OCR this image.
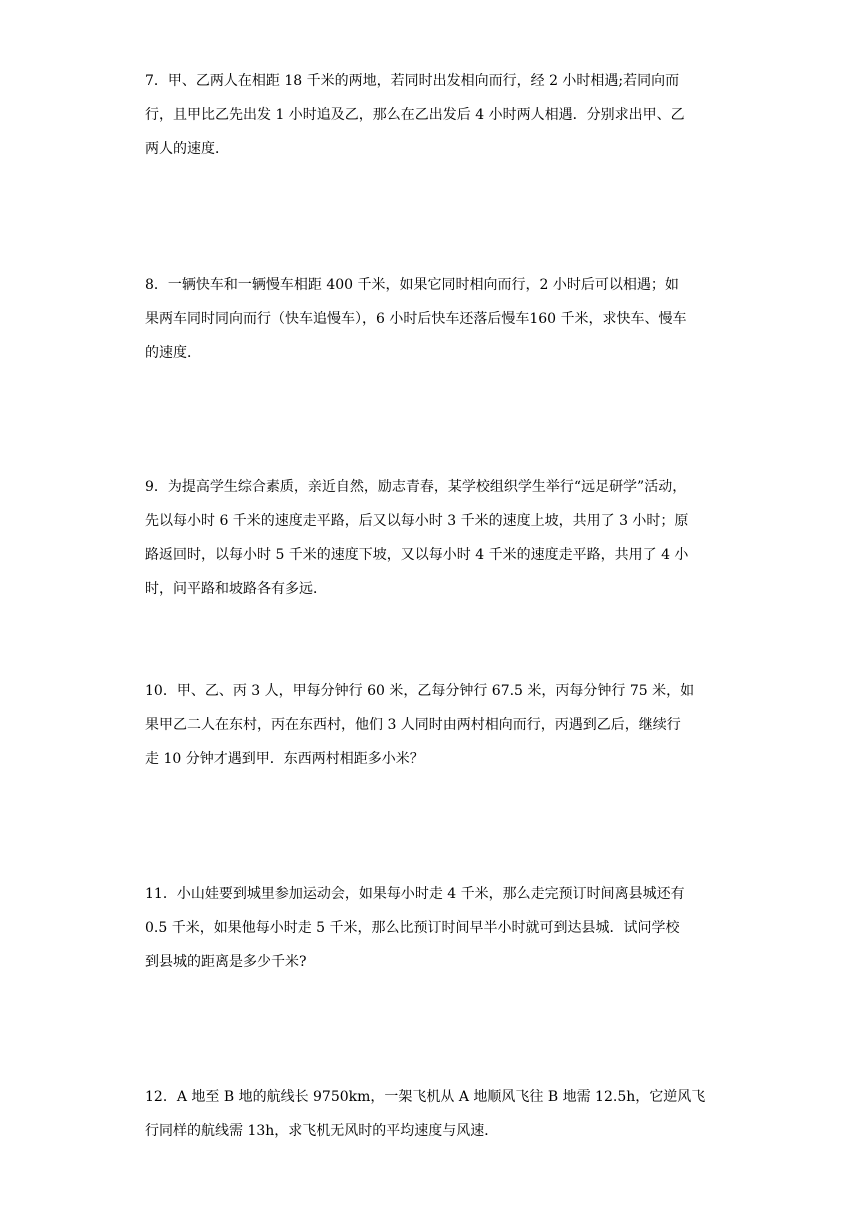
7．甲、乙两人在相距 18 千米的两地，若同时出发相向而行，经 2 小时相遇;若同向而
行，且甲比乙先出发 1 小时追及乙，那么在乙出发后 4 小时两人相遇．分别求出甲、乙
两人的速度．
8．一辆快车和一辆慢车相距 400 千米，如果它同时相向而行，2 小时后可以相遇；如
果两车同时同向而行（快车追慢车），6 小时后快车还落后慢车160 千米，求快车、慢车
的速度．
9．为提高学生综合素质，亲近自然，励志青春，某学校组织学生举行“远足研学”活动，
先以每小时 6 千米的速度走平路，后又以每小时 3 千米的速度上坡，共用了 3 小时；原
路返回时，以每小时 5 千米的速度下坡，又以每小时 4 千米的速度走平路，共用了 4 小
时，问平路和坡路各有多远．
10．甲、乙、丙 3 人，甲每分钟行 60 米，乙每分钟行 67.5 米，丙每分钟行 75 米，如
果甲乙二人在东村，丙在东西村，他们 3 人同时由两村相向而行，丙遇到乙后，继续行
走 10 分钟才遇到甲．东西两村相距多小米？
11．小山娃要到城里参加运动会，如果每小时走 4 千米，那么走完预订时间离县城还有
0.5 千米，如果他每小时走 5 千米，那么比预订时间早半小时就可到达县城．试问学校
到县城的距离是多少千米?
12．A 地至 B 地的航线长 9750km，一架飞机从 A 地顺风飞往 B 地需 12.5h，它逆风飞
行同样的航线需 13h，求飞机无风时的平均速度与风速．
